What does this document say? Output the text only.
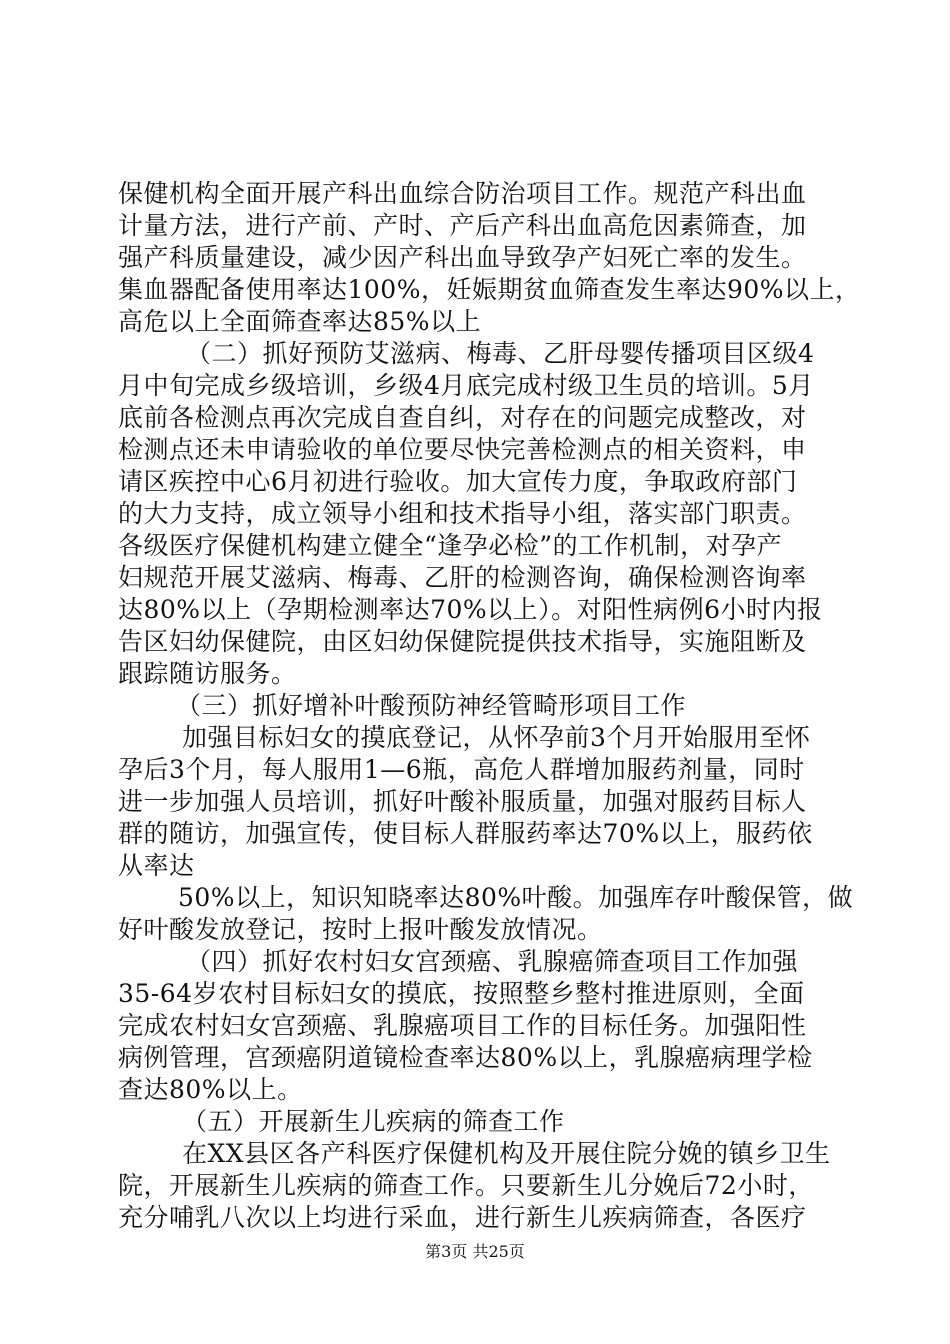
保健机构全面开展产科出血综合防治项目工作。规范产科出血
计量方法，进行产前、产时、产后产科出血高危因素筛查，加
强产科质量建设，减少因产科出血导致孕产妇死亡率的发生。
集血器配备使用率达100%，妊娠期贫血筛查发生率达90%以上，
高危以上全面筛查率达85%以上
（二）抓好预防艾滋病、梅毒、乙肝母婴传播项目区级4
月中旬完成乡级培训，乡级4月底完成村级卫生员的培训。5月
底前各检测点再次完成自查自纠，对存在的问题完成整改，对
检测点还未申请验收的单位要尽快完善检测点的相关资料，申
请区疾控中心6月初进行验收。加大宣传力度，争取政府部门
的大力支持，成立领导小组和技术指导小组，落实部门职责。
各级医疗保健机构建立健全“逢孕必检”的工作机制，对孕产
妇规范开展艾滋病、梅毒、乙肝的检测咨询，确保检测咨询率
达80%以上（孕期检测率达70%以上）。对阳性病例6小时内报
告区妇幼保健院，由区妇幼保健院提供技术指导，实施阻断及
跟踪随访服务。
（三）抓好增补叶酸预防神经管畸形项目工作
加强目标妇女的摸底登记，从怀孕前3个月开始服用至怀
孕后3个月，每人服用1—6瓶，高危人群增加服药剂量，同时
进一步加强人员培训，抓好叶酸补服质量，加强对服药目标人
群的随访，加强宣传，使目标人群服药率达70%以上，服药依
从率达
50%以上，知识知晓率达80%叶酸。加强库存叶酸保管，做
好叶酸发放登记，按时上报叶酸发放情况。
（四）抓好农村妇女宫颈癌、乳腺癌筛查项目工作加强
35-64岁农村目标妇女的摸底，按照整乡整村推进原则，全面
完成农村妇女宫颈癌、乳腺癌项目工作的目标任务。加强阳性
病例管理，宫颈癌阴道镜检查率达80%以上，乳腺癌病理学检
查达80%以上。
（五）开展新生儿疾病的筛查工作
在XX县区各产科医疗保健机构及开展住院分娩的镇乡卫生
院，开展新生儿疾病的筛查工作。只要新生儿分娩后72小时，
充分哺乳八次以上均进行采血，进行新生儿疾病筛查，各医疗
第3页 共25页
